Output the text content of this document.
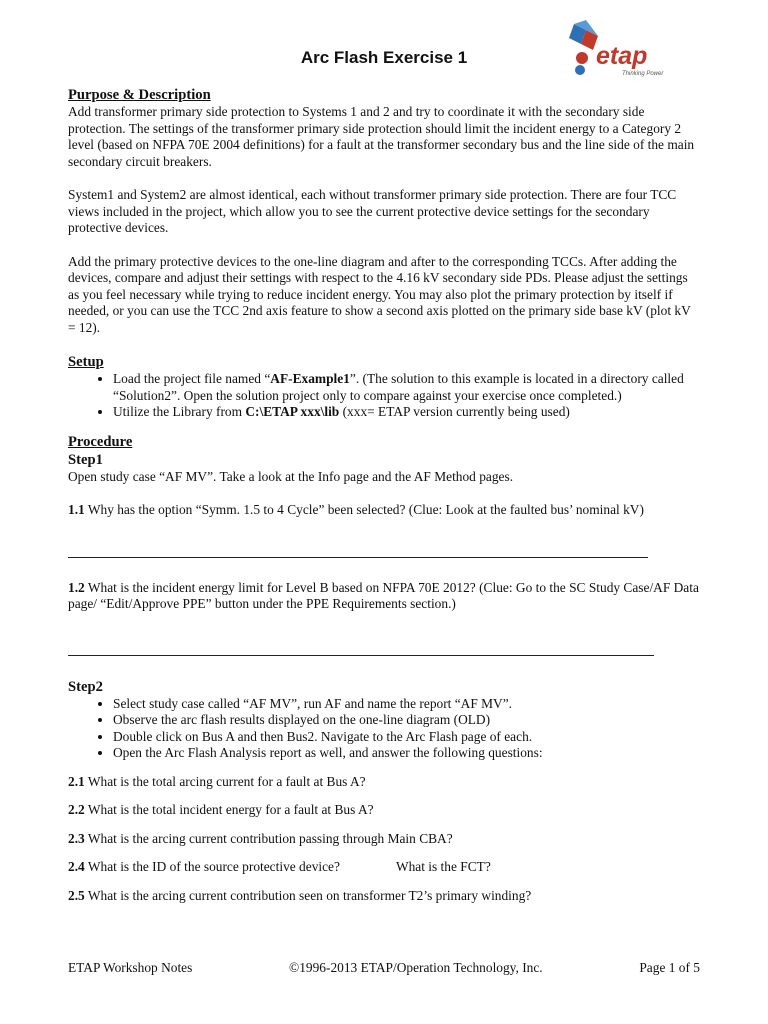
Arc Flash Exercise 1	etap
Thinking Power
Purpose & Description

Add transformer primary side protection to Systems 1 and 2 and try to coordinate it with the secondary side protection. The settings of the transformer primary side protection should limit the incident energy to a Category 2 level (based on NFPA 70E 2004 definitions) for a fault at the transformer secondary bus and the line side of the main secondary circuit breakers.

System1 and System2 are almost identical, each without transformer primary side protection. There are four TCC views included in the project, which allow you to see the current protective device settings for the secondary protective devices.

Add the primary protective devices to the one-line diagram and after to the corresponding TCCs. After adding the devices, compare and adjust their settings with respect to the 4.16 kV secondary side PDs. Please adjust the settings as you feel necessary while trying to reduce incident energy. You may also plot the primary protection by itself if needed, or you can use the TCC 2nd axis feature to show a second axis plotted on the primary side base kV (plot kV = 12).

Setup
• Load the project file named “AF-Example1”. (The solution to this example is located in a directory called “Solution2”. Open the solution project only to compare against your exercise once completed.)
• Utilize the Library from C:\ETAP xxx\lib (xxx= ETAP version currently being used)
Procedure

Step1

Open study case “AF MV”. Take a look at the Info page and the AF Method pages.

1.1 Why has the option “Symm. 1.5 to 4 Cycle” been selected? (Clue: Look at the faulted bus’ nominal kV)

1.2 What is the incident energy limit for Level B based on NFPA 70E 2012? (Clue: Go to the SC Study Case/AF Data page/ “Edit/Approve PPE” button under the PPE Requirements section.)

Step2

• Select study case called “AF MV”, run AF and name the report “AF MV”.
• Observe the arc flash results displayed on the one-line diagram (OLD)
• Double click on Bus A and then Bus2. Navigate to the Arc Flash page of each.
• Open the Arc Flash Analysis report as well, and answer the following questions:

2.1 What is the total arcing current for a fault at Bus A?

2.2 What is the total incident energy for a fault at Bus A?

2.3 What is the arcing current contribution passing through Main CBA?

2.4 What is the ID of the source protective device?	What is the FCT?

2.5 What is the arcing current contribution seen on transformer T2’s primary winding?

ETAP Workshop Notes	©1996-2013 ETAP/Operation Technology, Inc.	Page 1 of 5
